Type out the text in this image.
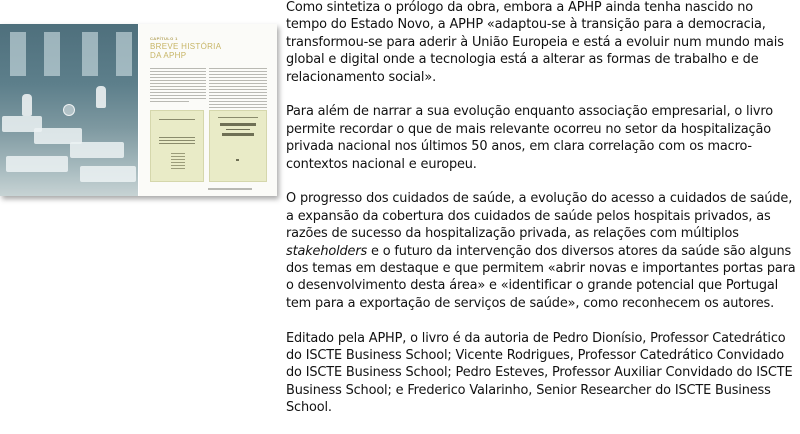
CAPÍTULO 1
BREVE HISTÓRIA
DA APHP

Como sintetiza o prólogo da obra, embora a APHP ainda tenha nascido no tempo do Estado Novo, a APHP «adaptou-se à transição para a democracia, transformou-se para aderir à União Europeia e está a evoluir num mundo mais global e digital onde a tecnologia está a alterar as formas de trabalho e de relacionamento social».

Para além de narrar a sua evolução enquanto associação empresarial, o livro permite recordar o que de mais relevante ocorreu no setor da hospitalização privada nacional nos últimos 50 anos, em clara correlação com os macro-contextos nacional e europeu.

O progresso dos cuidados de saúde, a evolução do acesso a cuidados de saúde, a expansão da cobertura dos cuidados de saúde pelos hospitais privados, as razões de sucesso da hospitalização privada, as relações com múltiplos stakeholders e o futuro da intervenção dos diversos atores da saúde são alguns dos temas em destaque e que permitem «abrir novas e importantes portas para o desenvolvimento desta área» e «identificar o grande potencial que Portugal tem para a exportação de serviços de saúde», como reconhecem os autores.

Editado pela APHP, o livro é da autoria de Pedro Dionísio, Professor Catedrático do ISCTE Business School; Vicente Rodrigues, Professor Catedrático Convidado do ISCTE Business School; Pedro Esteves, Professor Auxiliar Convidado do ISCTE Business School; e Frederico Valarinho, Senior Researcher do ISCTE Business School.
